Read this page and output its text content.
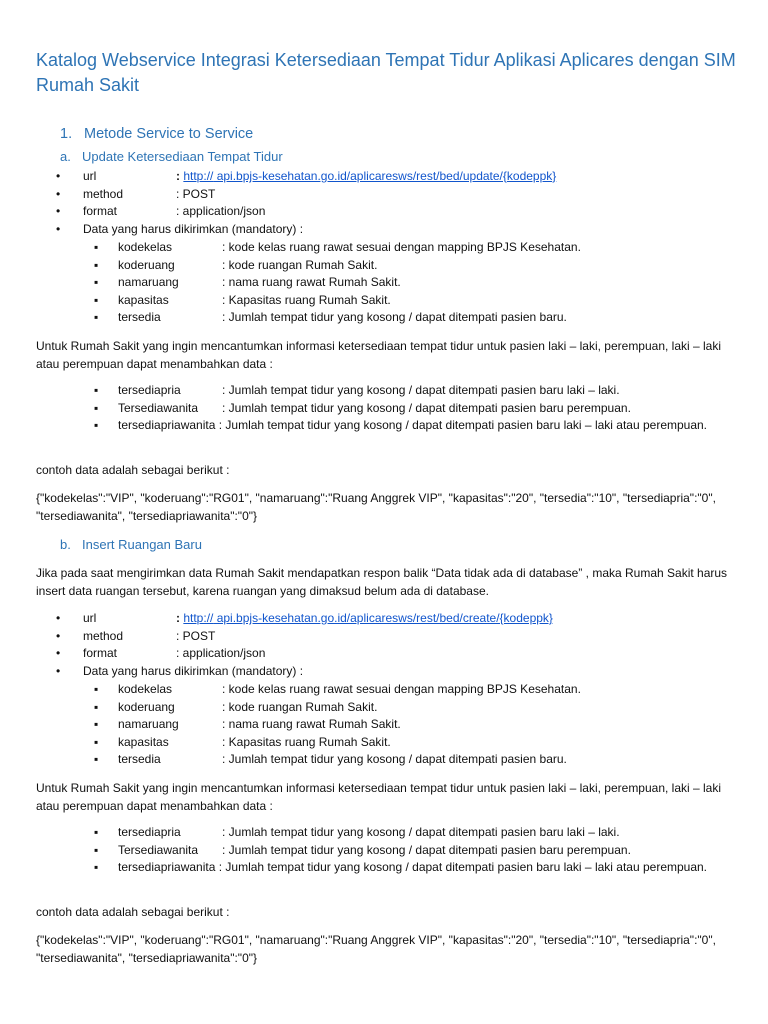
Katalog Webservice Integrasi Ketersediaan Tempat Tidur Aplikasi Aplicares dengan SIM Rumah Sakit
1. Metode Service to Service
a. Update Ketersediaan Tempat Tidur
•	url	: http:// api.bpjs-kesehatan.go.id/aplicaresws/rest/bed/update/{kodeppk}
•	method	: POST
•	format	: application/json
•	Data yang harus dikirimkan (mandatory) :
▪ kodekelas	: kode kelas ruang rawat sesuai dengan mapping BPJS Kesehatan.
▪ koderuang	: kode ruangan Rumah Sakit.
▪ namaruang	: nama ruang rawat Rumah Sakit.
▪ kapasitas	: Kapasitas ruang Rumah Sakit.
▪ tersedia	: Jumlah tempat tidur yang kosong / dapat ditempati pasien baru.
Untuk Rumah Sakit yang ingin mencantumkan informasi ketersediaan tempat tidur untuk pasien laki – laki, perempuan, laki – laki atau perempuan dapat menambahkan data :
▪ tersediapria	: Jumlah tempat tidur yang kosong / dapat ditempati pasien baru laki – laki.
▪ Tersediawanita : Jumlah tempat tidur yang kosong / dapat ditempati pasien baru perempuan.
▪ tersediapriawanita : Jumlah tempat tidur yang kosong / dapat ditempati pasien baru laki – laki atau perempuan.
contoh data adalah sebagai berikut :
{"kodekelas":"VIP", "koderuang":"RG01", "namaruang":"Ruang Anggrek VIP", "kapasitas":"20", "tersedia":"10", "tersediapria":"0", "tersediawanita", "tersediapriawanita":"0"}
b. Insert Ruangan Baru
Jika pada saat mengirimkan data Rumah Sakit mendapatkan respon balik “Data tidak ada di database” , maka Rumah Sakit harus insert data ruangan tersebut, karena ruangan yang dimaksud belum ada di database.
•	url	: http:// api.bpjs-kesehatan.go.id/aplicaresws/rest/bed/create/{kodeppk}
•	method	: POST
•	format	: application/json
•	Data yang harus dikirimkan (mandatory) :
▪ kodekelas	: kode kelas ruang rawat sesuai dengan mapping BPJS Kesehatan.
▪ koderuang	: kode ruangan Rumah Sakit.
▪ namaruang	: nama ruang rawat Rumah Sakit.
▪ kapasitas	: Kapasitas ruang Rumah Sakit.
▪ tersedia	: Jumlah tempat tidur yang kosong / dapat ditempati pasien baru.
Untuk Rumah Sakit yang ingin mencantumkan informasi ketersediaan tempat tidur untuk pasien laki – laki, perempuan, laki – laki atau perempuan dapat menambahkan data :
▪ tersediapria	: Jumlah tempat tidur yang kosong / dapat ditempati pasien baru laki – laki.
▪ Tersediawanita : Jumlah tempat tidur yang kosong / dapat ditempati pasien baru perempuan.
▪ tersediapriawanita : Jumlah tempat tidur yang kosong / dapat ditempati pasien baru laki – laki atau perempuan.
contoh data adalah sebagai berikut :
{"kodekelas":"VIP", "koderuang":"RG01", "namaruang":"Ruang Anggrek VIP", "kapasitas":"20", "tersedia":"10", "tersediapria":"0", "tersediawanita", "tersediapriawanita":"0"}
